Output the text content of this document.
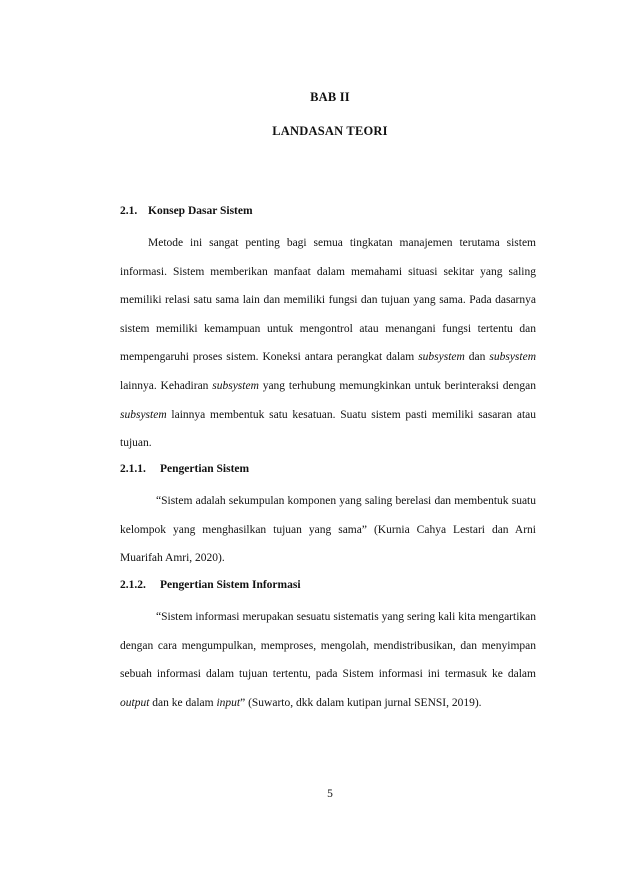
BAB II
LANDASAN TEORI
2.1. Konsep Dasar Sistem
Metode ini sangat penting bagi semua tingkatan manajemen terutama sistem informasi. Sistem memberikan manfaat dalam memahami situasi sekitar yang saling memiliki relasi satu sama lain dan memiliki fungsi dan tujuan yang sama. Pada dasarnya sistem memiliki kemampuan untuk mengontrol atau menangani fungsi tertentu dan mempengaruhi proses sistem. Koneksi antara perangkat dalam subsystem dan subsystem lainnya. Kehadiran subsystem yang terhubung memungkinkan untuk berinteraksi dengan subsystem lainnya membentuk satu kesatuan. Suatu sistem pasti memiliki sasaran atau tujuan.
2.1.1. Pengertian Sistem
“Sistem adalah sekumpulan komponen yang saling berelasi dan membentuk suatu kelompok yang menghasilkan tujuan yang sama” (Kurnia Cahya Lestari dan Arni Muarifah Amri, 2020).
2.1.2. Pengertian Sistem Informasi
“Sistem informasi merupakan sesuatu sistematis yang sering kali kita mengartikan dengan cara mengumpulkan, memproses, mengolah, mendistribusikan, dan menyimpan sebuah informasi dalam tujuan tertentu, pada Sistem informasi ini termasuk ke dalam output dan ke dalam input” (Suwarto, dkk dalam kutipan jurnal SENSI, 2019).
5
